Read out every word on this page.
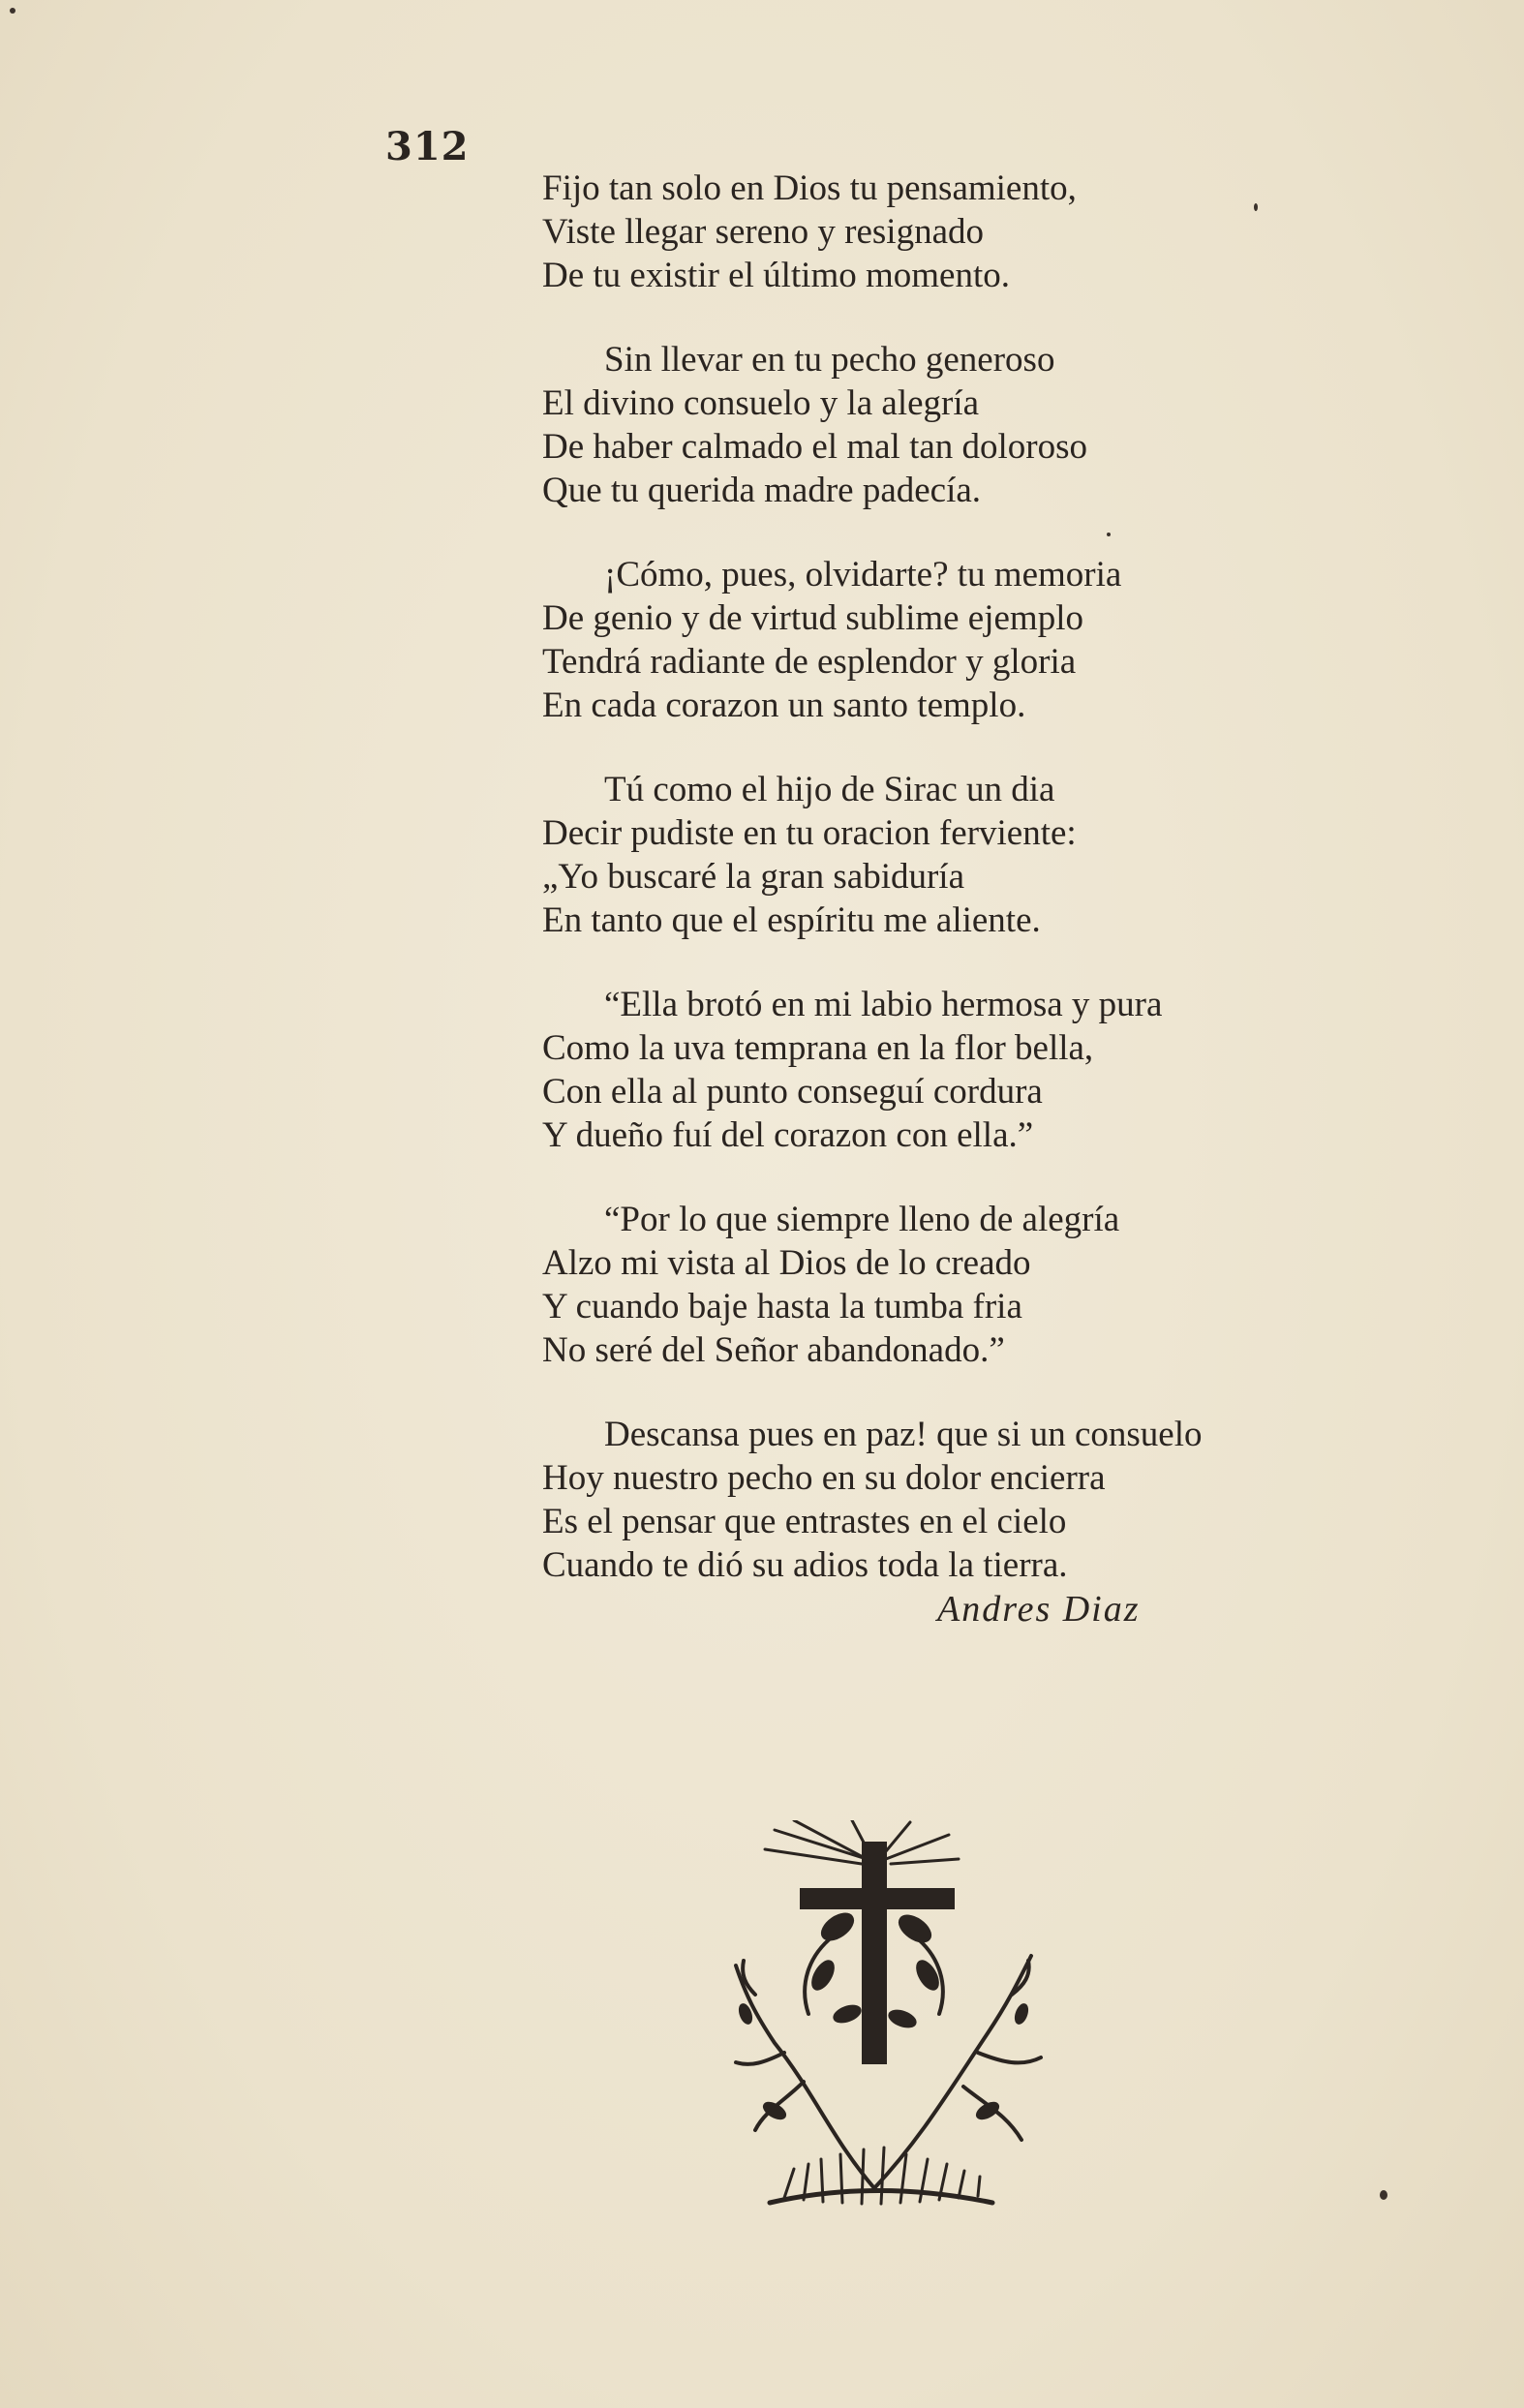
312
Fijo tan solo en Dios tu pensamiento,
Viste llegar sereno y resignado
De tu existir el último momento.
Sin llevar en tu pecho generoso
El divino consuelo y la alegría
De haber calmado el mal tan doloroso
Que tu querida madre padecía.
¡Cómo, pues, olvidarte? tu memoria
De genio y de virtud sublime ejemplo
Tendrá radiante de esplendor y gloria
En cada corazon un santo templo.
Tú como el hijo de Sirac un dia
Decir pudiste en tu oracion ferviente:
„Yo buscaré la gran sabiduría
En tanto que el espíritu me aliente.
“Ella brotó en mi labio hermosa y pura
Como la uva temprana en la flor bella,
Con ella al punto conseguí cordura
Y dueño fuí del corazon con ella.”
“Por lo que siempre lleno de alegría
Alzo mi vista al Dios de lo creado
Y cuando baje hasta la tumba fria
No seré del Señor abandonado.”
Descansa pues en paz! que si un consuelo
Hoy nuestro pecho en su dolor encierra
Es el pensar que entrastes en el cielo
Cuando te dió su adios toda la tierra.
Andres Diaz
